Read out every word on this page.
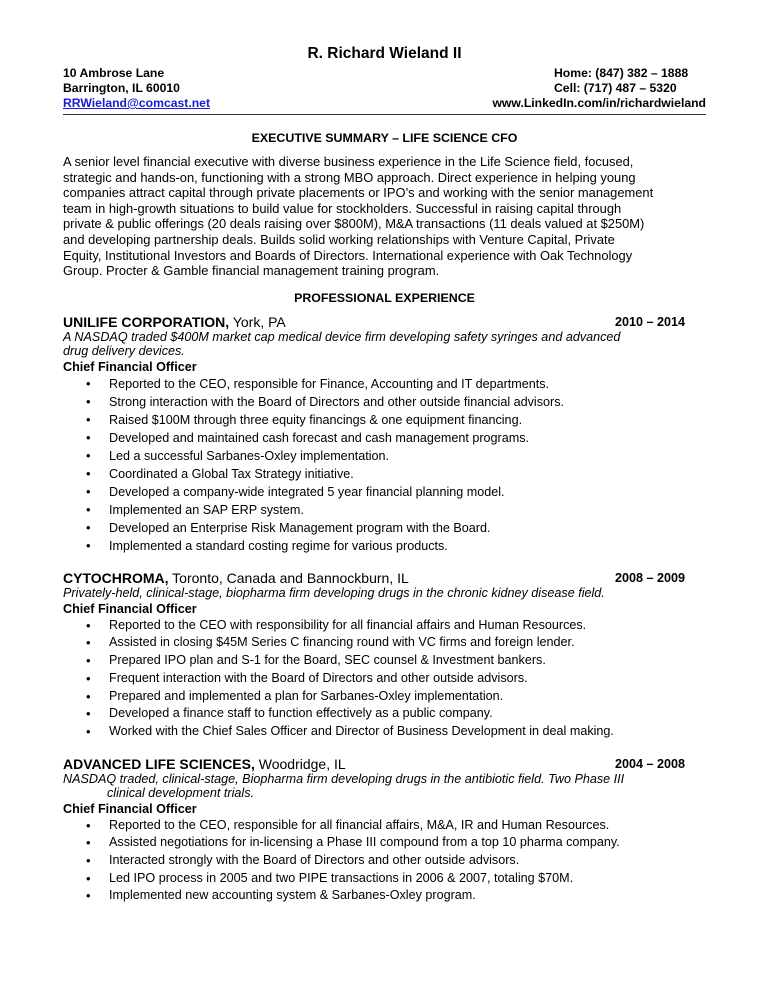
R. Richard Wieland II

10 Ambrose Lane	Home: (847) 382 – 1888
Barrington, IL 60010	Cell: (717) 487 – 5320
RRWieland@comcast.net	www.LinkedIn.com/in/richardwieland

EXECUTIVE SUMMARY – LIFE SCIENCE CFO

A senior level financial executive with diverse business experience in the Life Science field, focused,
strategic and hands-on, functioning with a strong MBO approach. Direct experience in helping young
companies attract capital through private placements or IPO’s and working with the senior management
team in high-growth situations to build value for stockholders. Successful in raising capital through
private & public offerings (20 deals raising over $800M), M&A transactions (11 deals valued at $250M)
and developing partnership deals. Builds solid working relationships with Venture Capital, Private
Equity, Institutional Investors and Boards of Directors. International experience with Oak Technology
Group. Procter & Gamble financial management training program.

PROFESSIONAL EXPERIENCE

UNILIFE CORPORATION, York, PA	2010 – 2014

A NASDAQ traded $400M market cap medical device firm developing safety syringes and advanced

drug delivery devices.

Chief Financial Officer

• Reported to the CEO, responsible for Finance, Accounting and IT departments.
• Strong interaction with the Board of Directors and other outside financial advisors.
• Raised $100M through three equity financings & one equipment financing.
• Developed and maintained cash forecast and cash management programs.
• Led a successful Sarbanes-Oxley implementation.
• Coordinated a Global Tax Strategy initiative.
• Developed a company-wide integrated 5 year financial planning model.
• Implemented an SAP ERP system.
• Developed an Enterprise Risk Management program with the Board.
• Implemented a standard costing regime for various products.
CYTOCHROMA, Toronto, Canada and Bannockburn, IL	2008 – 2009

Privately-held, clinical-stage, biopharma firm developing drugs in the chronic kidney disease field.

Chief Financial Officer

• Reported to the CEO with responsibility for all financial affairs and Human Resources.
• Assisted in closing $45M Series C financing round with VC firms and foreign lender.
• Prepared IPO plan and S-1 for the Board, SEC counsel & Investment bankers.
• Frequent interaction with the Board of Directors and other outside advisors.
• Prepared and implemented a plan for Sarbanes-Oxley implementation.
• Developed a finance staff to function effectively as a public company.
• Worked with the Chief Sales Officer and Director of Business Development in deal making.
ADVANCED LIFE SCIENCES, Woodridge, IL	2004 – 2008

NASDAQ traded, clinical-stage, Biopharma firm developing drugs in the antibiotic field. Two Phase III

clinical development trials.

Chief Financial Officer

• Reported to the CEO, responsible for all financial affairs, M&A, IR and Human Resources.
• Assisted negotiations for in-licensing a Phase III compound from a top 10 pharma company.
• Interacted strongly with the Board of Directors and other outside advisors.
• Led IPO process in 2005 and two PIPE transactions in 2006 & 2007, totaling $70M.
• Implemented new accounting system & Sarbanes-Oxley program.
